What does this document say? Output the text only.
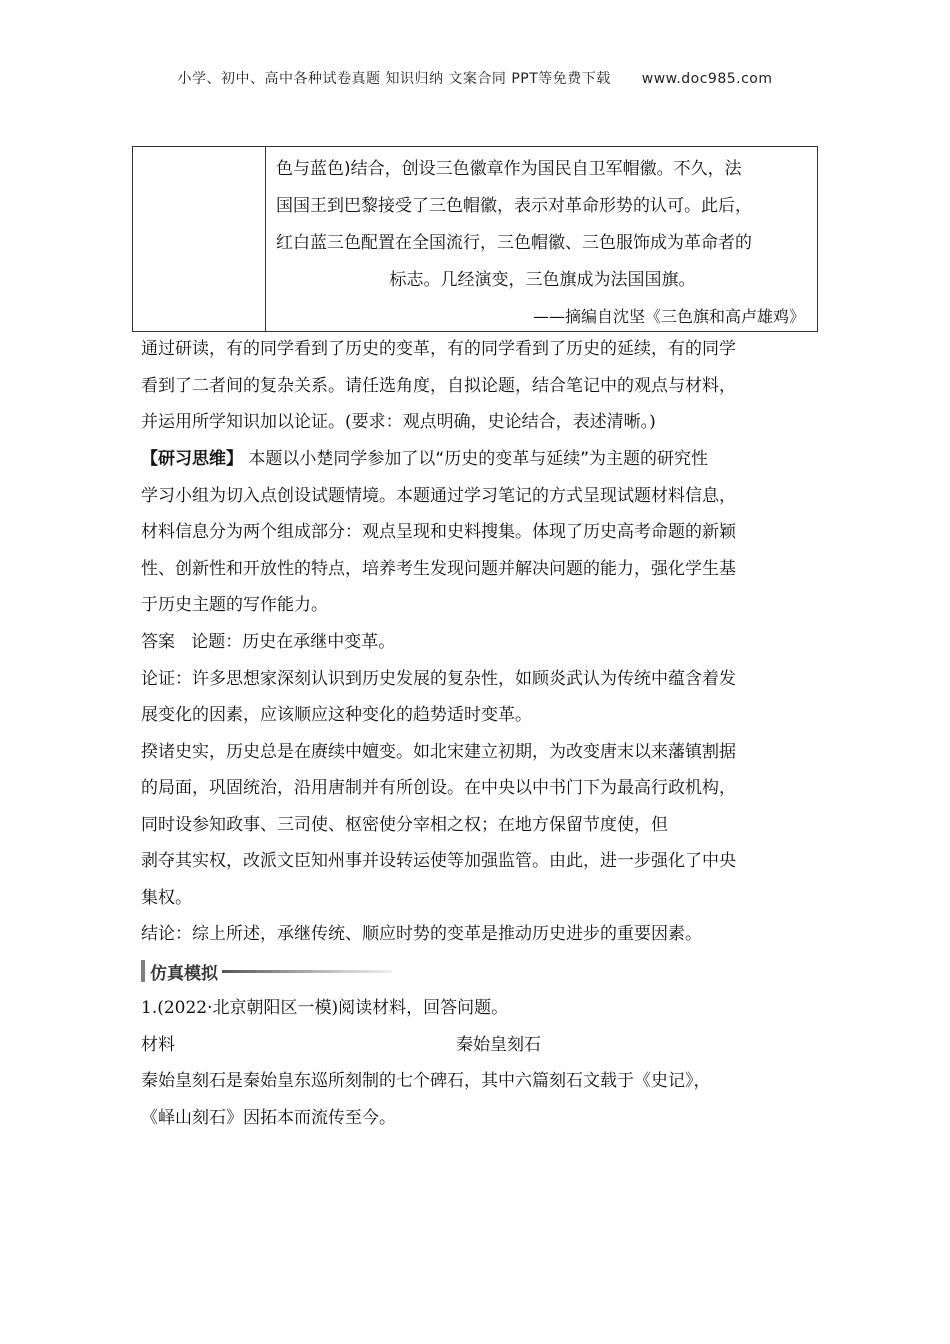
小学、初中、高中各种试卷真题 知识归纳 文案合同 PPT等免费下载 www.doc985.com
色与蓝色)结合，创设三色徽章作为国民自卫军帽徽。不久，法
国国王到巴黎接受了三色帽徽，表示对革命形势的认可。此后，
红白蓝三色配置在全国流行，三色帽徽、三色服饰成为革命者的
标志。几经演变，三色旗成为法国国旗。
——摘编自沈坚《三色旗和高卢雄鸡》
通过研读，有的同学看到了历史的变革，有的同学看到了历史的延续，有的同学
看到了二者间的复杂关系。请任选角度，自拟论题，结合笔记中的观点与材料，
并运用所学知识加以论证。(要求：观点明确，史论结合，表述清晰。)
【研习思维】 本题以小楚同学参加了以“历史的变革与延续”为主题的研究性
学习小组为切入点创设试题情境。本题通过学习笔记的方式呈现试题材料信息，
材料信息分为两个组成部分：观点呈现和史料搜集。体现了历史高考命题的新颖
性、创新性和开放性的特点，培养考生发现问题并解决问题的能力，强化学生基
于历史主题的写作能力。
答案 论题：历史在承继中变革。
论证：许多思想家深刻认识到历史发展的复杂性，如顾炎武认为传统中蕴含着发
展变化的因素，应该顺应这种变化的趋势适时变革。
揆诸史实，历史总是在赓续中嬗变。如北宋建立初期，为改变唐末以来藩镇割据
的局面，巩固统治，沿用唐制并有所创设。在中央以中书门下为最高行政机构，
同时设参知政事、三司使、枢密使分宰相之权；在地方保留节度使，但
剥夺其实权，改派文臣知州事并设转运使等加强监管。由此，进一步强化了中央
集权。
结论：综上所述，承继传统、顺应时势的变革是推动历史进步的重要因素。
仿真模拟
1.(2022·北京朝阳区一模)阅读材料，回答问题。
材料	秦始皇刻石
秦始皇刻石是秦始皇东巡所刻制的七个碑石，其中六篇刻石文载于《史记》，
《峄山刻石》因拓本而流传至今。
